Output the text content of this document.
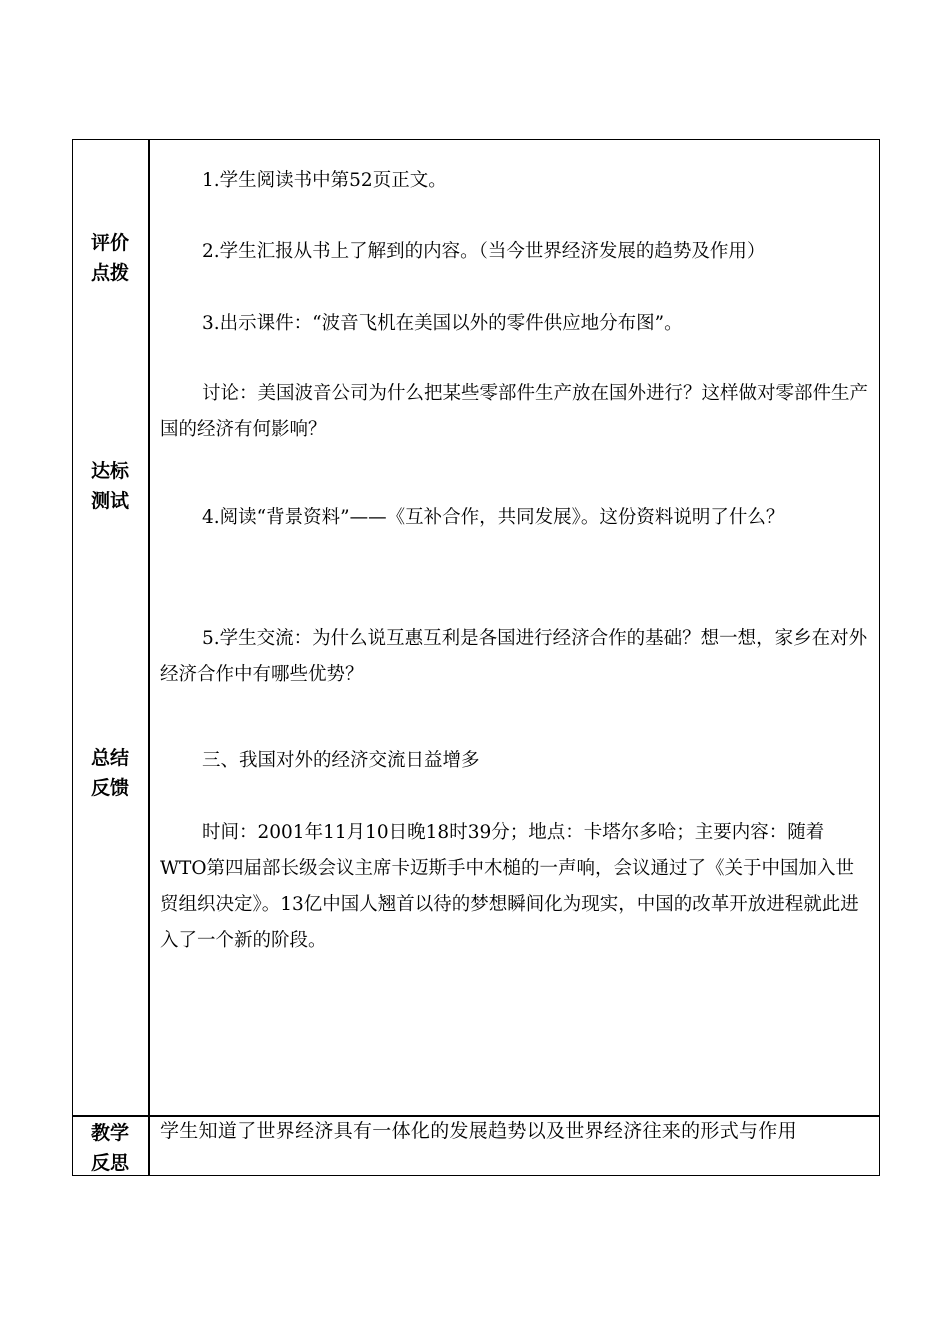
评价
点拨
达标
测试
总结
反馈
教学
反思

1.学生阅读书中第52页正文。

2.学生汇报从书上了解到的内容。（当今世界经济发展的趋势及作用）

3.出示课件：“波音飞机在美国以外的零件供应地分布图”。

讨论：美国波音公司为什么把某些零部件生产放在国外进行？这样做对零部件生产国的经济有何影响？

4.阅读“背景资料”——《互补合作，共同发展》。这份资料说明了什么？

5.学生交流：为什么说互惠互利是各国进行经济合作的基础？想一想，家乡在对外经济合作中有哪些优势？

三、我国对外的经济交流日益增多

时间：2001年11月10日晚18时39分；地点：卡塔尔多哈；主要内容：随着WTO第四届部长级会议主席卡迈斯手中木槌的一声响，会议通过了《关于中国加入世贸组织决定》。13亿中国人翘首以待的梦想瞬间化为现实，中国的改革开放进程就此进入了一个新的阶段。

学生知道了世界经济具有一体化的发展趋势以及世界经济往来的形式与作用
